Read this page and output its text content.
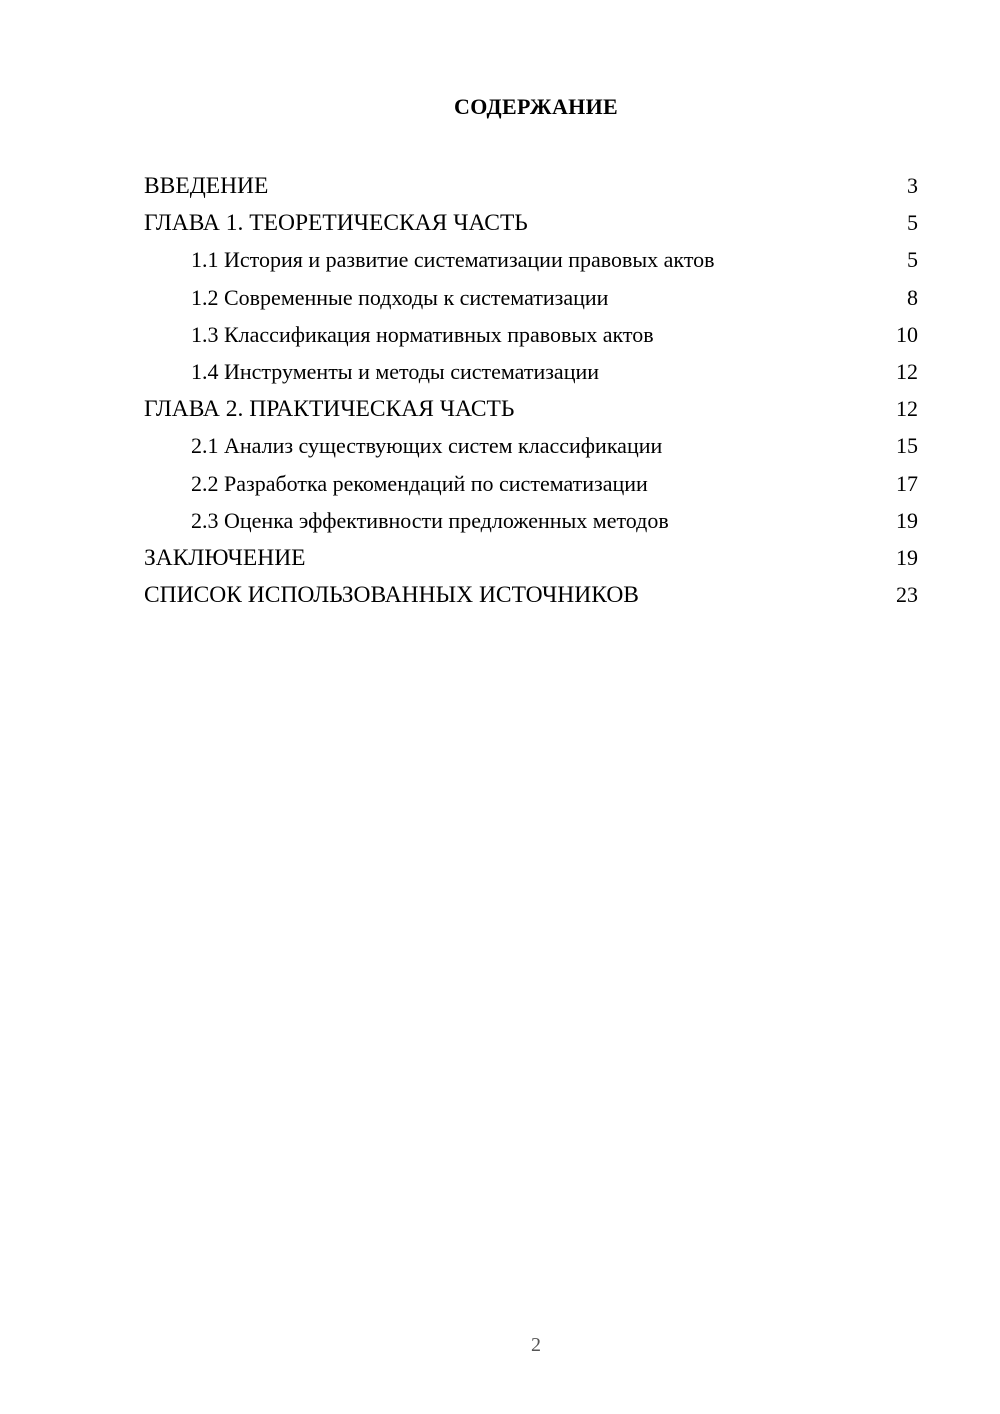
СОДЕРЖАНИЕ
ВВЕДЕНИЕ	3
ГЛАВА 1. ТЕОРЕТИЧЕСКАЯ ЧАСТЬ	5
1.1 История и развитие систематизации правовых актов	5
1.2 Современные подходы к систематизации	8
1.3 Классификация нормативных правовых актов	10
1.4 Инструменты и методы систематизации	12
ГЛАВА 2. ПРАКТИЧЕСКАЯ ЧАСТЬ	12
2.1 Анализ существующих систем классификации	15
2.2 Разработка рекомендаций по систематизации	17
2.3 Оценка эффективности предложенных методов	19
ЗАКЛЮЧЕНИЕ	19
СПИСОК ИСПОЛЬЗОВАННЫХ ИСТОЧНИКОВ	23
2
